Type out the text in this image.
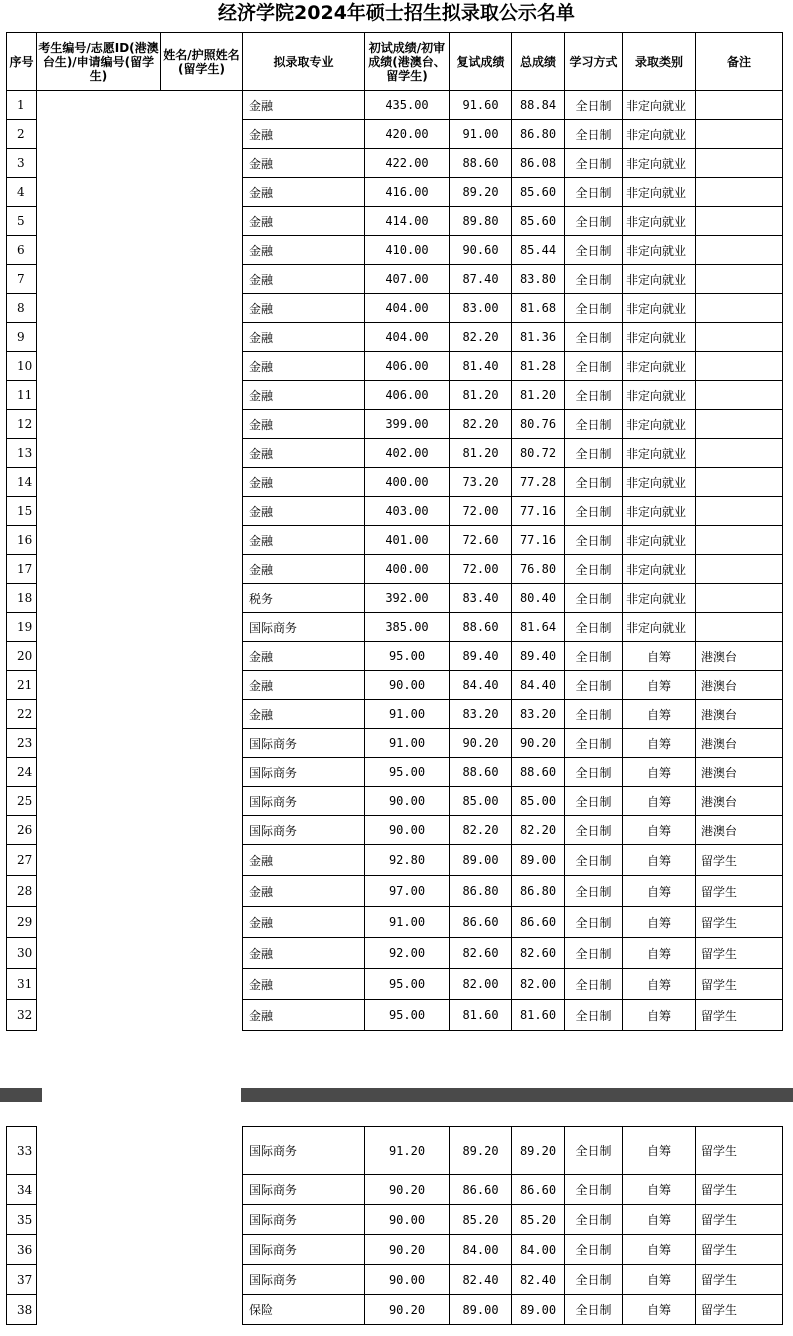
经济学院2024年硕士招生拟录取公示名单
序号	考生编号/志愿ID(港澳台生)/申请编号(留学生)	姓名/护照姓名(留学生)	拟录取专业	初试成绩/初审成绩(港澳台、留学生)	复试成绩	总成绩	学习方式	录取类别	备注
1			金融	435.00	91.60	88.84	全日制	非定向就业	
2			金融	420.00	91.00	86.80	全日制	非定向就业	
3			金融	422.00	88.60	86.08	全日制	非定向就业	
4			金融	416.00	89.20	85.60	全日制	非定向就业	
5			金融	414.00	89.80	85.60	全日制	非定向就业	
6			金融	410.00	90.60	85.44	全日制	非定向就业	
7			金融	407.00	87.40	83.80	全日制	非定向就业	
8			金融	404.00	83.00	81.68	全日制	非定向就业	
9			金融	404.00	82.20	81.36	全日制	非定向就业	
10			金融	406.00	81.40	81.28	全日制	非定向就业	
11			金融	406.00	81.20	81.20	全日制	非定向就业	
12			金融	399.00	82.20	80.76	全日制	非定向就业	
13			金融	402.00	81.20	80.72	全日制	非定向就业	
14			金融	400.00	73.20	77.28	全日制	非定向就业	
15			金融	403.00	72.00	77.16	全日制	非定向就业	
16			金融	401.00	72.60	77.16	全日制	非定向就业	
17			金融	400.00	72.00	76.80	全日制	非定向就业	
18			税务	392.00	83.40	80.40	全日制	非定向就业	
19			国际商务	385.00	88.60	81.64	全日制	非定向就业	
20			金融	95.00	89.40	89.40	全日制	自筹	港澳台
21			金融	90.00	84.40	84.40	全日制	自筹	港澳台
22			金融	91.00	83.20	83.20	全日制	自筹	港澳台
23			国际商务	91.00	90.20	90.20	全日制	自筹	港澳台
24			国际商务	95.00	88.60	88.60	全日制	自筹	港澳台
25			国际商务	90.00	85.00	85.00	全日制	自筹	港澳台
26			国际商务	90.00	82.20	82.20	全日制	自筹	港澳台
27			金融	92.80	89.00	89.00	全日制	自筹	留学生
28			金融	97.00	86.80	86.80	全日制	自筹	留学生
29			金融	91.00	86.60	86.60	全日制	自筹	留学生
30			金融	92.00	82.60	82.60	全日制	自筹	留学生
31			金融	95.00	82.00	82.00	全日制	自筹	留学生
32			金融	95.00	81.60	81.60	全日制	自筹	留学生
33			国际商务	91.20	89.20	89.20	全日制	自筹	留学生
34			国际商务	90.20	86.60	86.60	全日制	自筹	留学生
35			国际商务	90.00	85.20	85.20	全日制	自筹	留学生
36			国际商务	90.20	84.00	84.00	全日制	自筹	留学生
37			国际商务	90.00	82.40	82.40	全日制	自筹	留学生
38			保险	90.20	89.00	89.00	全日制	自筹	留学生
